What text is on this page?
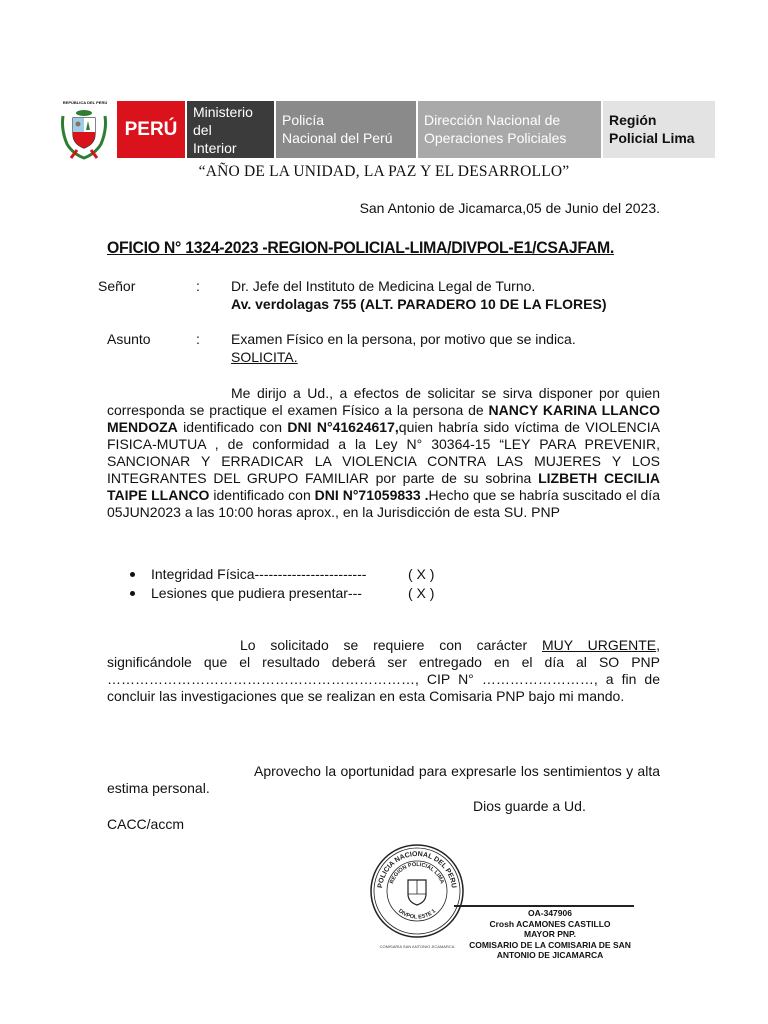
REPÚBLICA DEL PERÚ
PERÚ
Ministerio
del
Interior
Policía
Nacional del Perú
Dirección Nacional de
Operaciones Policiales
Región
Policial Lima
“AÑO DE LA UNIDAD, LA PAZ Y EL DESARROLLO”
San Antonio de Jicamarca,05 de Junio del 2023.
OFICIO N° 1324-2023 -REGION-POLICIAL-LIMA/DIVPOL-E1/CSAJFAM.
Señor	: Dr. Jefe del Instituto de Medicina Legal de Turno.
Av. verdolagas 755 (ALT. PARADERO 10 DE LA FLORES)
Asunto	: Examen Físico en la persona, por motivo que se indica.
SOLICITA.
Me dirijo a Ud., a efectos de solicitar se sirva disponer por quien corresponda se practique el examen Físico a la persona de NANCY KARINA LLANCO MENDOZA identificado con DNI N°41624617,quien habría sido víctima de VIOLENCIA FISICA-MUTUA , de conformidad a la Ley N° 30364-15 “LEY PARA PREVENIR, SANCIONAR Y ERRADICAR LA VIOLENCIA CONTRA LAS MUJERES Y LOS INTEGRANTES DEL GRUPO FAMILIAR por parte de su sobrina LIZBETH CECILIA TAIPE LLANCO identificado con DNI N°71059833 .Hecho que se habría suscitado el día 05JUN2023 a las 10:00 horas aprox., en la Jurisdicción de esta SU. PNP
Integridad Física------------------------	( X )
Lesiones que pudiera presentar---	( X )
Lo solicitado se requiere con carácter MUY URGENTE, significándole que el resultado deberá ser entregado en el día al SO PNP …………………………………………………………, CIP N° ……………………, a fin de concluir las investigaciones que se realizan en esta Comisaria PNP bajo mi mando.
Aprovecho la oportunidad para expresarle los sentimientos y alta estima personal.
Dios guarde a Ud.
CACC/accm
POLICIA NACIONAL DEL PERU
REGION POLICIAL LIMA
DIVPOL ESTE 1
COMISARIA SAN ANTONIO JICAMARCA
OA-347906
Crosh ACAMONES CASTILLO
MAYOR PNP.
COMISARIO DE LA COMISARIA DE SAN
ANTONIO DE JICAMARCA
